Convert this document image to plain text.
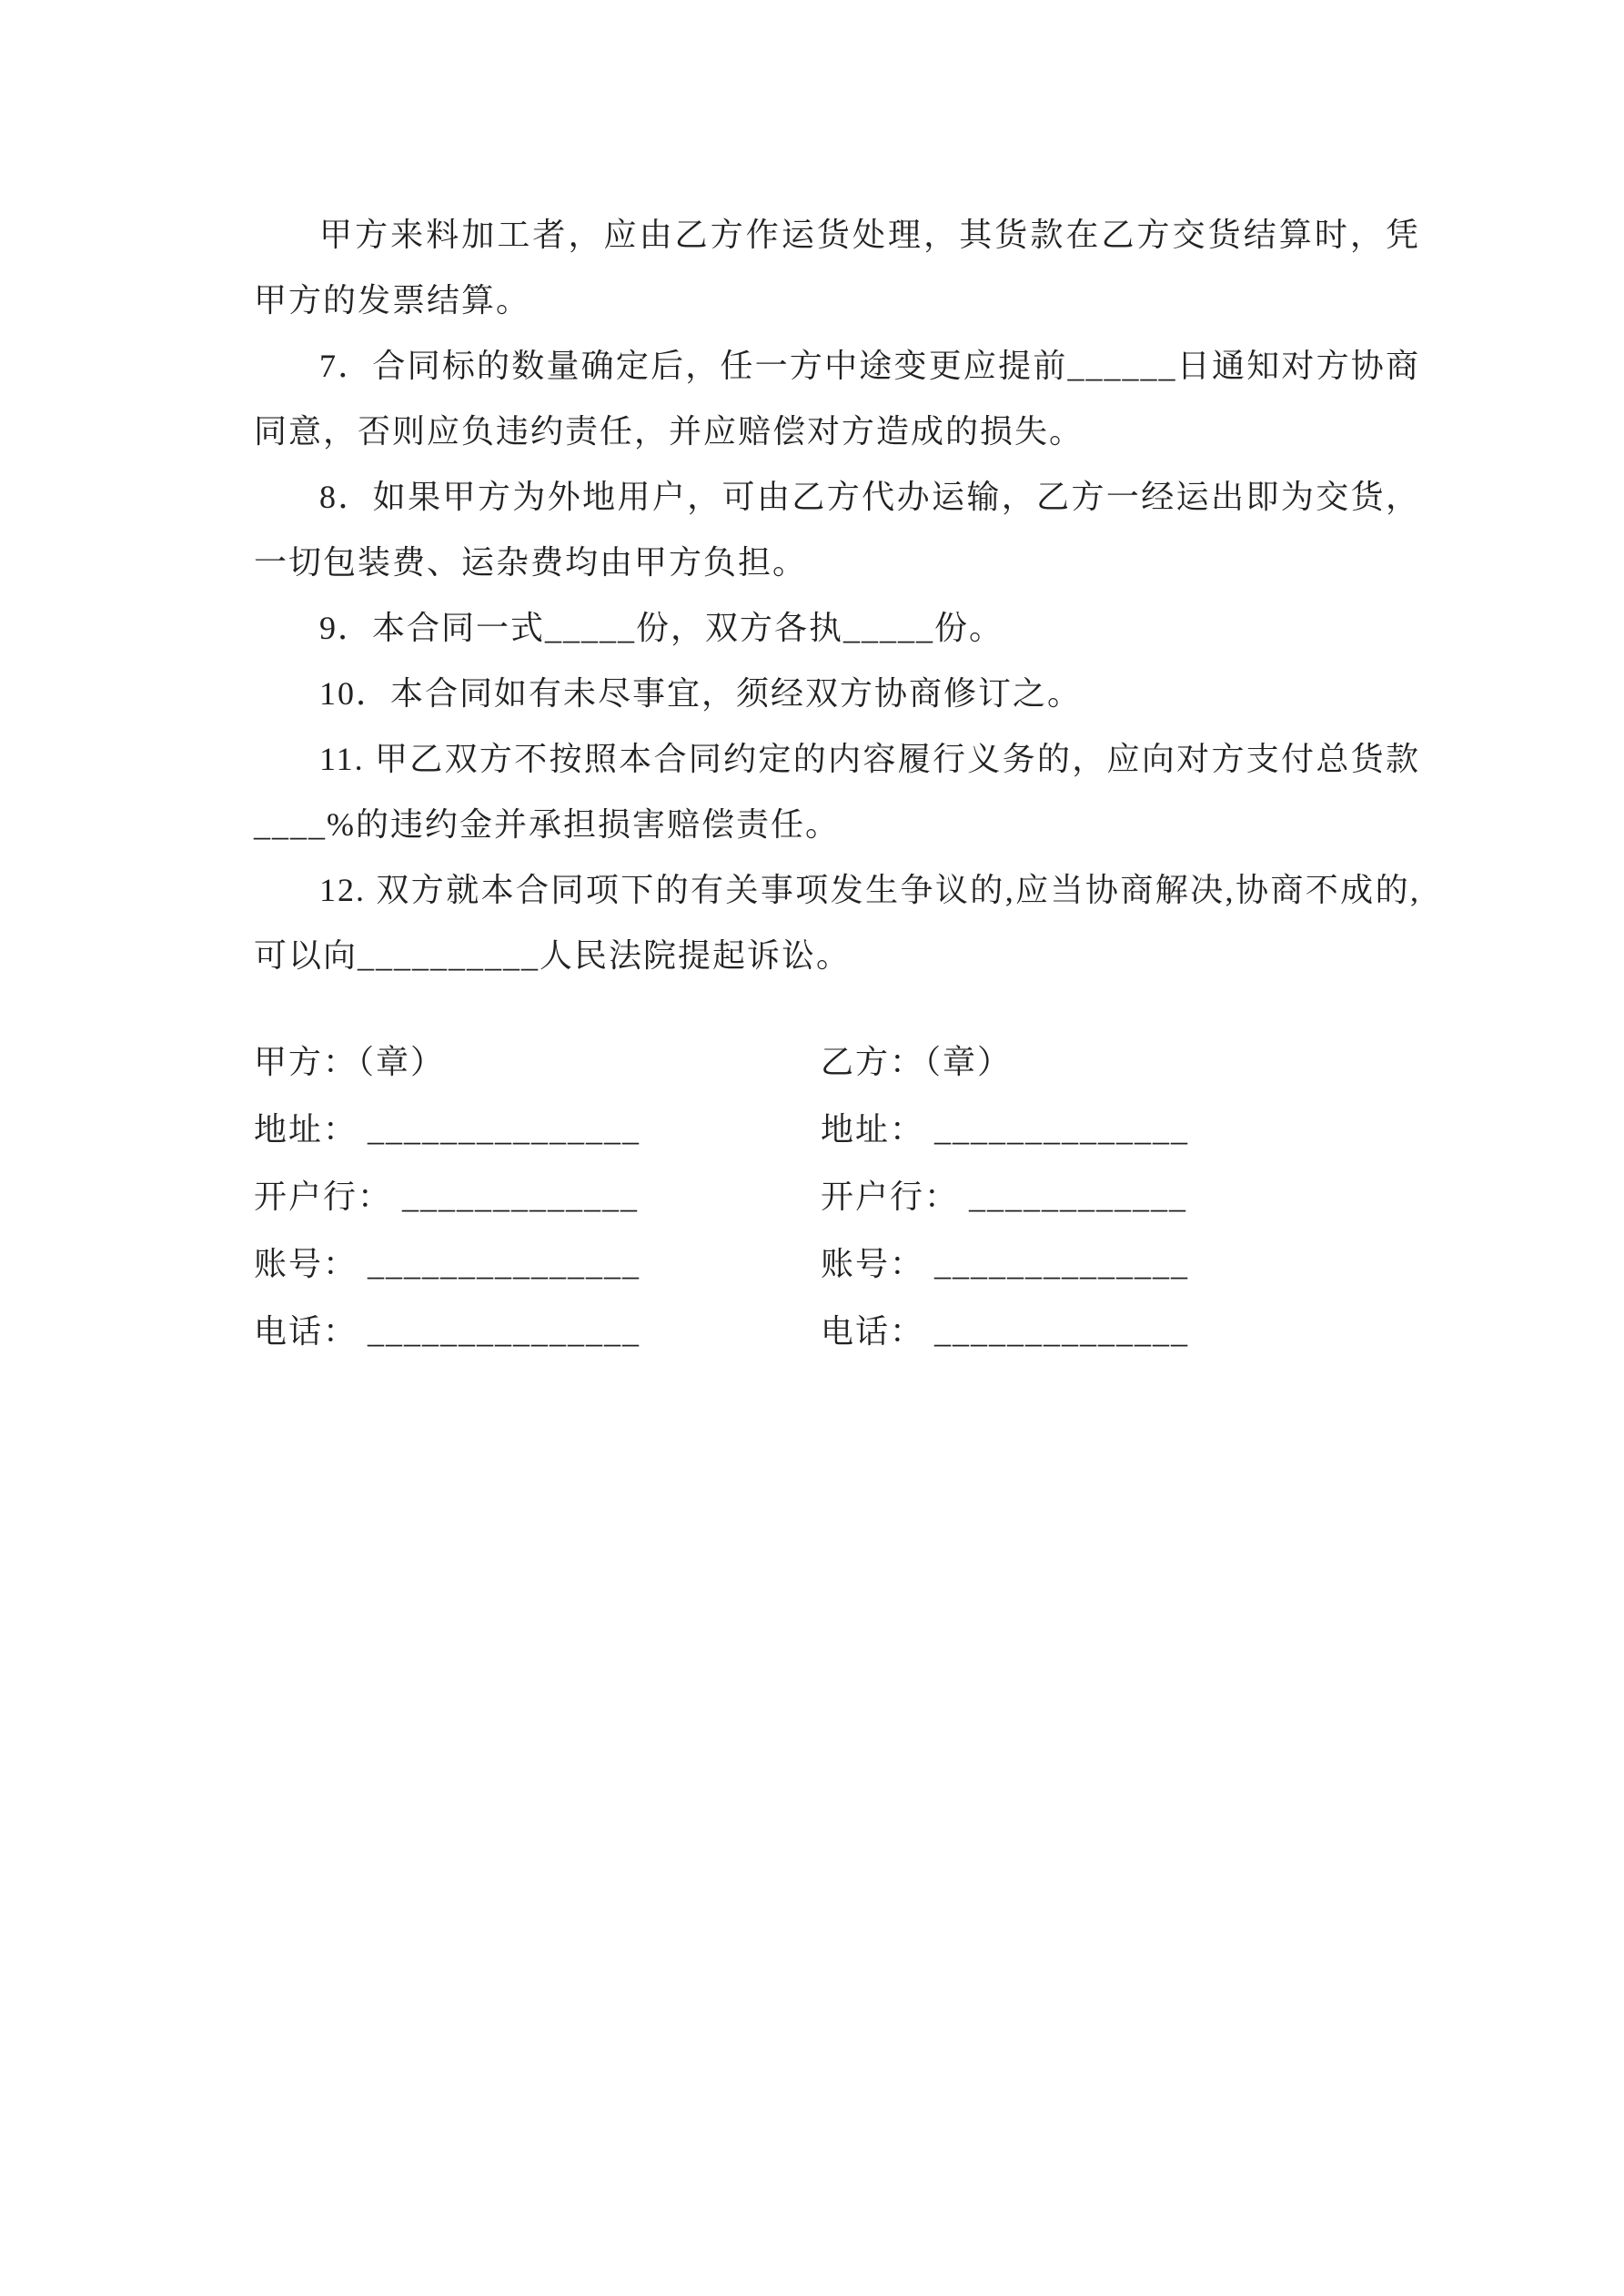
甲方来料加工者，应由乙方作运货处理，其货款在乙方交货结算时，凭甲方的发票结算。

7．合同标的数量确定后，任一方中途变更应提前______日通知对方协商同意，否则应负违约责任，并应赔偿对方造成的损失。

8．如果甲方为外地用户，可由乙方代办运输，乙方一经运出即为交货，一切包装费、运杂费均由甲方负担。

9．本合同一式_____份，双方各执_____份。

10．本合同如有未尽事宜，须经双方协商修订之。

11. 甲乙双方不按照本合同约定的内容履行义务的，应向对方支付总货款____%的违约金并承担损害赔偿责任。

12. 双方就本合同项下的有关事项发生争议的,应当协商解决,协商不成的,可以向__________人民法院提起诉讼。

甲方：（章）	乙方：（章）
地址： _______________	地址： ______________
开户行： _____________	开户行： ____________
账号： _______________	账号： ______________
电话： _______________	电话： ______________
